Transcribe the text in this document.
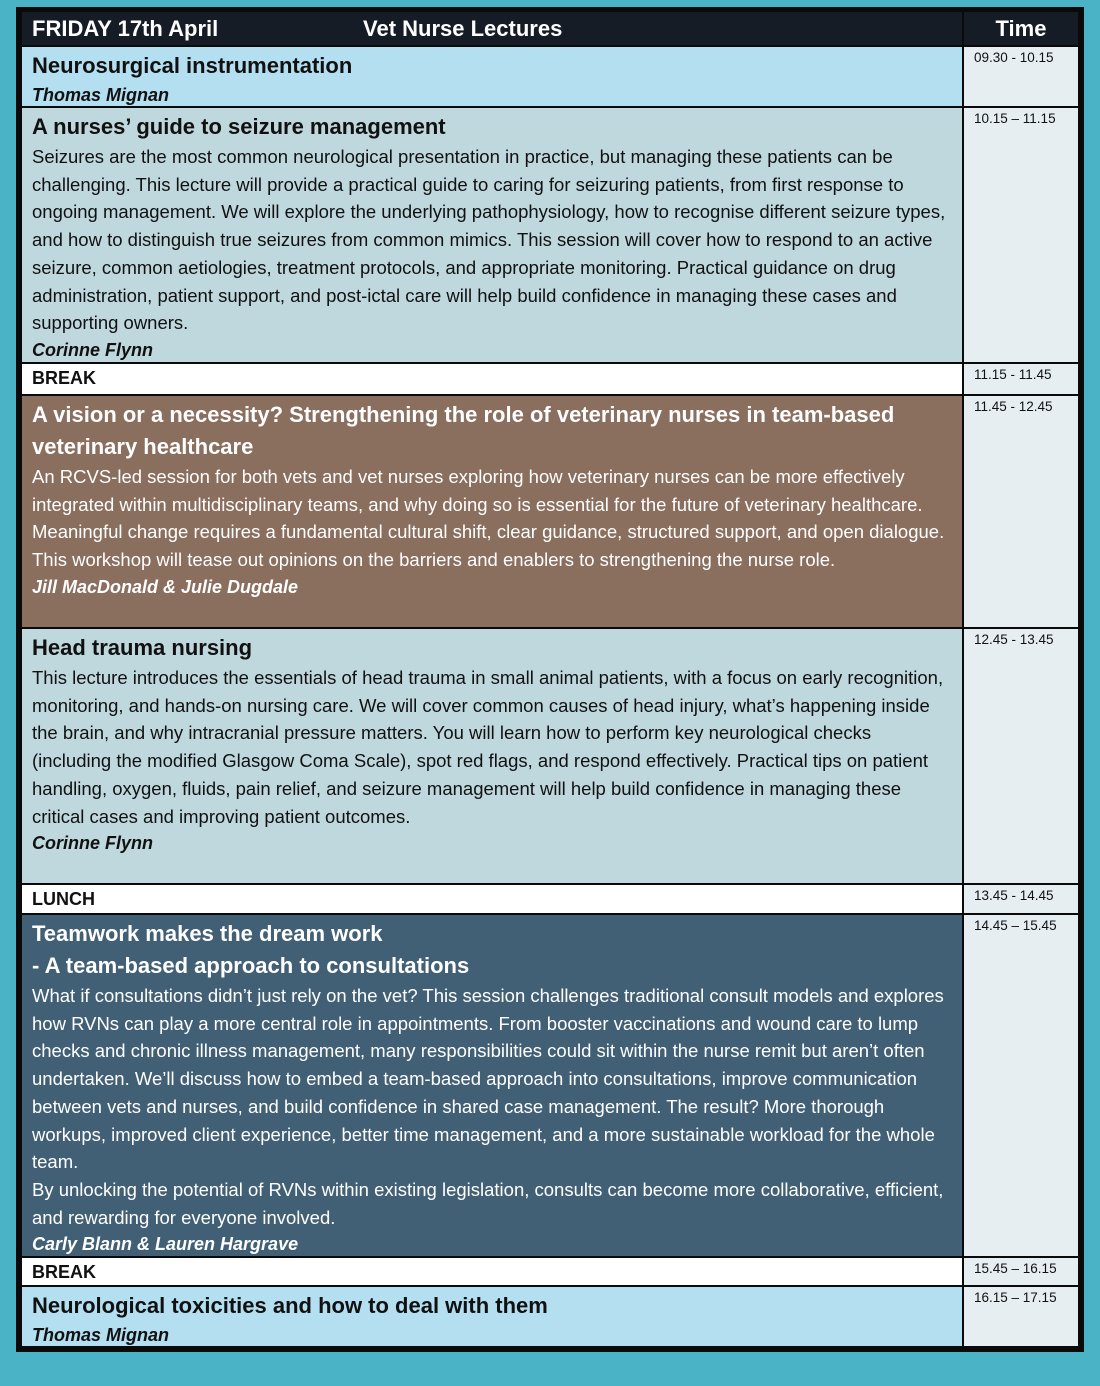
FRIDAY 17th April	Vet Nurse Lectures	Time
Neurosurgical instrumentation
Thomas Mignan
09.30 - 10.15
A nurses’ guide to seizure management
Seizures are the most common neurological presentation in practice, but managing these patients can be challenging. This lecture will provide a practical guide to caring for seizuring patients, from first response to ongoing management. We will explore the underlying pathophysiology, how to recognise different seizure types, and how to distinguish true seizures from common mimics. This session will cover how to respond to an active seizure, common aetiologies, treatment protocols, and appropriate monitoring. Practical guidance on drug administration, patient support, and post-ictal care will help build confidence in managing these cases and supporting owners.
Corinne Flynn
10.15 – 11.15
BREAK	11.15 - 11.45
A vision or a necessity? Strengthening the role of veterinary nurses in team-based veterinary healthcare
An RCVS-led session for both vets and vet nurses exploring how veterinary nurses can be more effectively integrated within multidisciplinary teams, and why doing so is essential for the future of veterinary healthcare. Meaningful change requires a fundamental cultural shift, clear guidance, structured support, and open dialogue. This workshop will tease out opinions on the barriers and enablers to strengthening the nurse role.
Jill MacDonald & Julie Dugdale
11.45 - 12.45
Head trauma nursing
This lecture introduces the essentials of head trauma in small animal patients, with a focus on early recognition, monitoring, and hands-on nursing care. We will cover common causes of head injury, what’s happening inside the brain, and why intracranial pressure matters. You will learn how to perform key neurological checks (including the modified Glasgow Coma Scale), spot red flags, and respond effectively. Practical tips on patient handling, oxygen, fluids, pain relief, and seizure management will help build confidence in managing these critical cases and improving patient outcomes.
Corinne Flynn
12.45 - 13.45
LUNCH	13.45 - 14.45
Teamwork makes the dream work
- A team-based approach to consultations
What if consultations didn’t just rely on the vet? This session challenges traditional consult models and explores how RVNs can play a more central role in appointments. From booster vaccinations and wound care to lump checks and chronic illness management, many responsibilities could sit within the nurse remit but aren’t often undertaken. We’ll discuss how to embed a team-based approach into consultations, improve communication between vets and nurses, and build confidence in shared case management. The result? More thorough workups, improved client experience, better time management, and a more sustainable workload for the whole team.
By unlocking the potential of RVNs within existing legislation, consults can become more collaborative, efficient, and rewarding for everyone involved.
Carly Blann & Lauren Hargrave
14.45 – 15.45
BREAK	15.45 – 16.15
Neurological toxicities and how to deal with them
Thomas Mignan
16.15 – 17.15
